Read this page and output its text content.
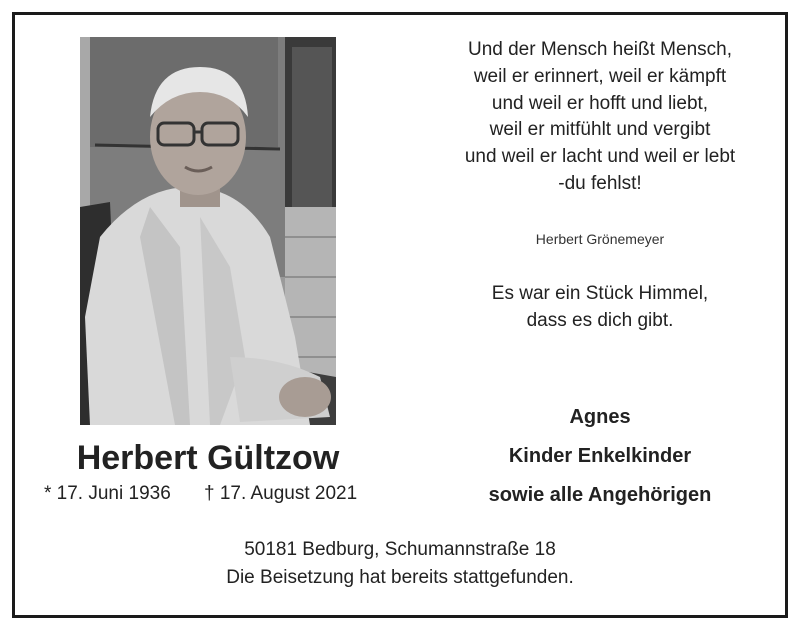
Herbert Gültzow
* 17. Juni 1936 † 17. August 2021
Und der Mensch heißt Mensch,
weil er erinnert, weil er kämpft
und weil er hofft und liebt,
weil er mitfühlt und vergibt
und weil er lacht und weil er lebt
-du fehlst!
Herbert Grönemeyer
Es war ein Stück Himmel,
dass es dich gibt.
Agnes
Kinder Enkelkinder
sowie alle Angehörigen
50181 Bedburg, Schumannstraße 18
Die Beisetzung hat bereits stattgefunden.
